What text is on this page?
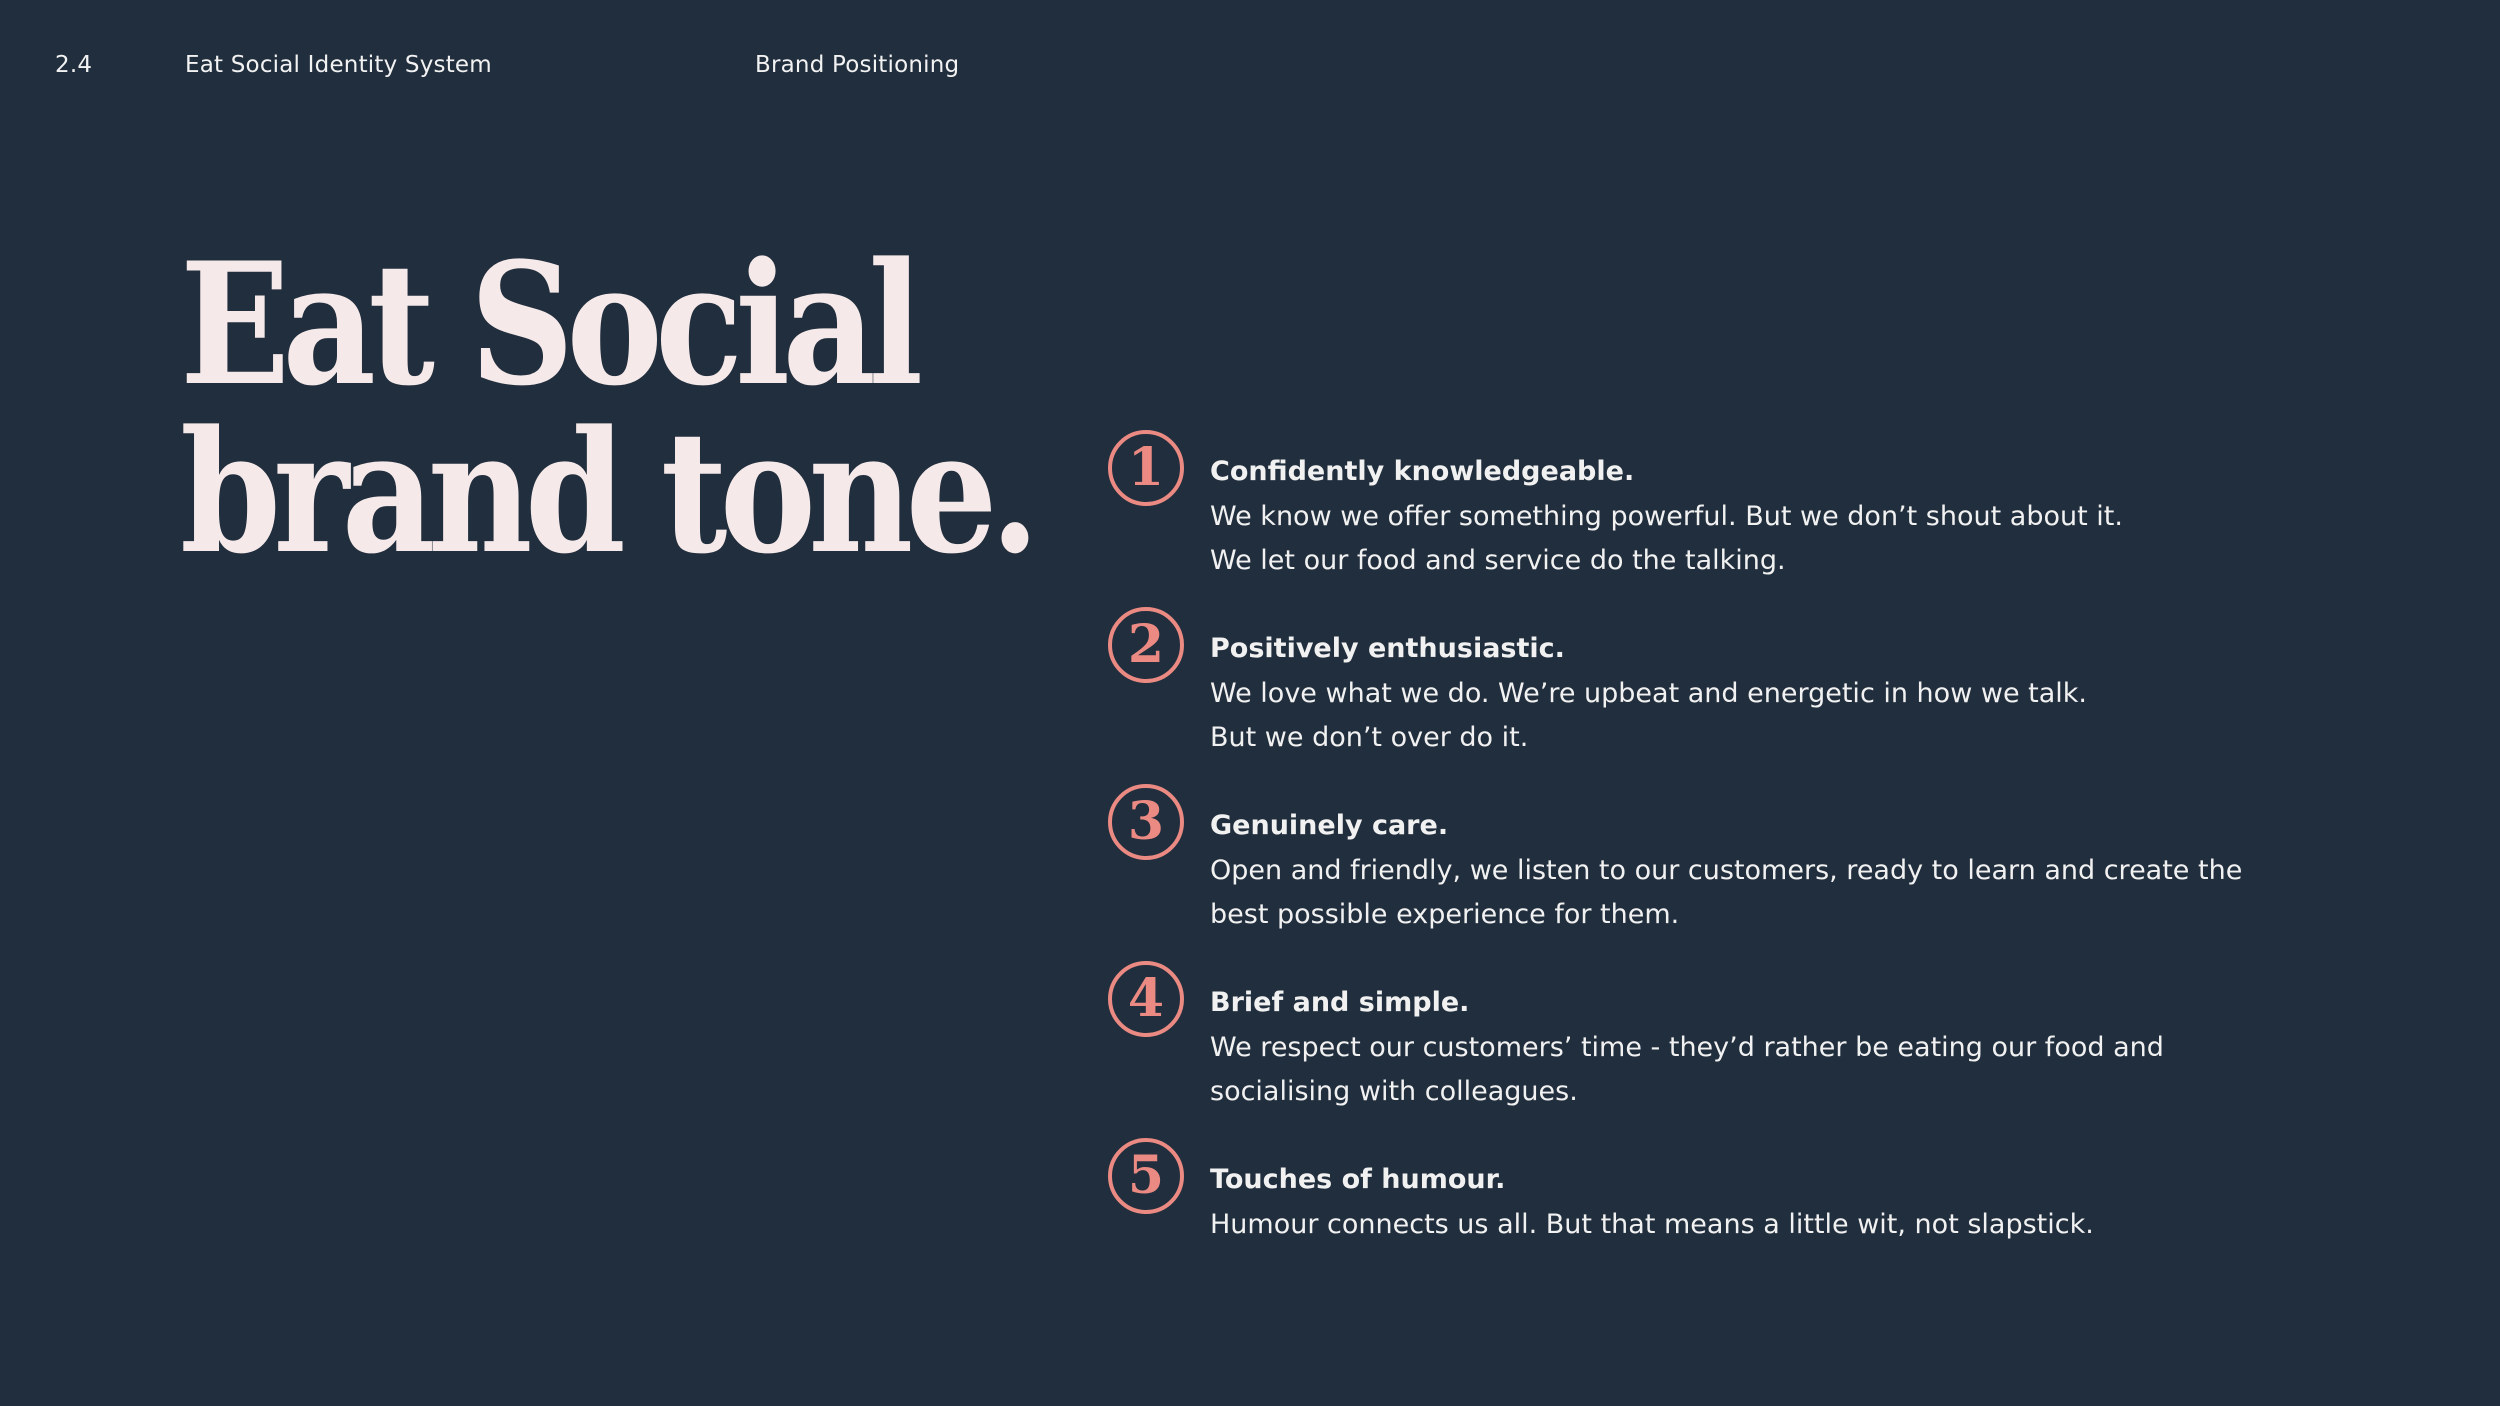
2.4	Eat Social Identity System	Brand Positioning
Eat Social
brand tone.	1	Confidently knowledgeable.
We know we offer something powerful. But we don’t shout about it.
We let our food and service do the talking.
2	Positively enthusiastic.
We love what we do. We’re upbeat and energetic in how we talk.
But we don’t over do it.
3	Genuinely care.
Open and friendly, we listen to our customers, ready to learn and create the
best possible experience for them.
4	Brief and simple.
We respect our customers’ time - they’d rather be eating our food and
socialising with colleagues.
5	Touches of humour.
Humour connects us all. But that means a little wit, not slapstick.
